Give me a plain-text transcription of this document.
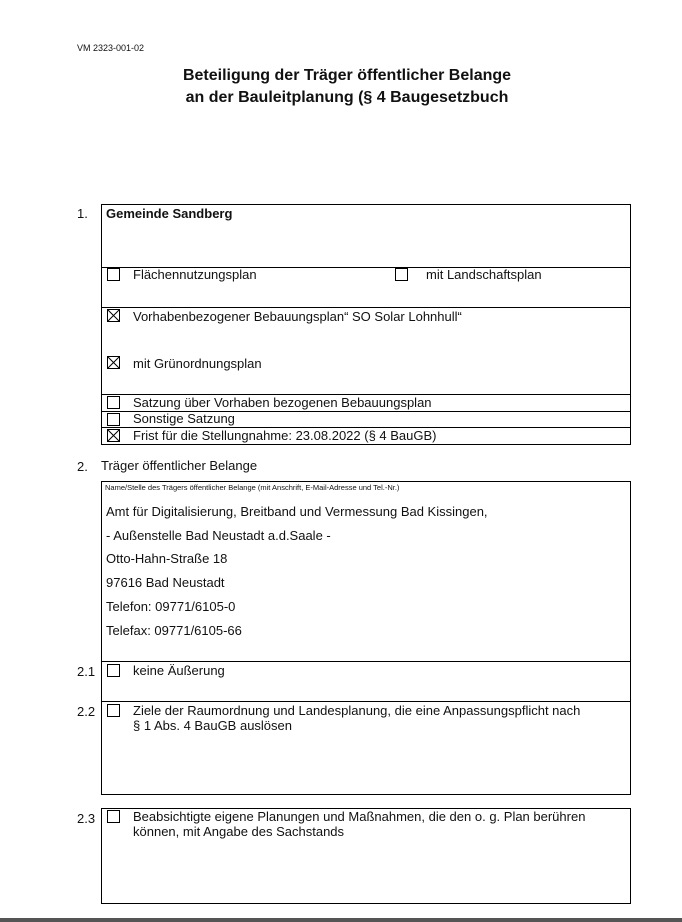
VM 2323-001-02
Beteiligung der Träger öffentlicher Belange
an der Bauleitplanung (§ 4 Baugesetzbuch
1. Gemeinde Sandberg
Flächennutzungsplan	mit Landschaftsplan
Vorhabenbezogener Bebauungsplan“ SO Solar Lohnhull“
mit Grünordnungsplan
Satzung über Vorhaben bezogenen Bebauungsplan
Sonstige Satzung
Frist für die Stellungnahme: 23.08.2022 (§ 4 BauGB)
2. Träger öffentlicher Belange
Name/Stelle des Trägers öffentlicher Belange (mit Anschrift, E-Mail-Adresse und Tel.-Nr.)
Amt für Digitalisierung, Breitband und Vermessung Bad Kissingen,
- Außenstelle Bad Neustadt a.d.Saale -
Otto-Hahn-Straße 18
97616 Bad Neustadt
Telefon: 09771/6105-0
Telefax: 09771/6105-66
2.1	keine Äußerung
2.2	Ziele der Raumordnung und Landesplanung, die eine Anpassungspflicht nach
§ 1 Abs. 4 BauGB auslösen
2.3	Beabsichtigte eigene Planungen und Maßnahmen, die den o. g. Plan berühren
können, mit Angabe des Sachstands
